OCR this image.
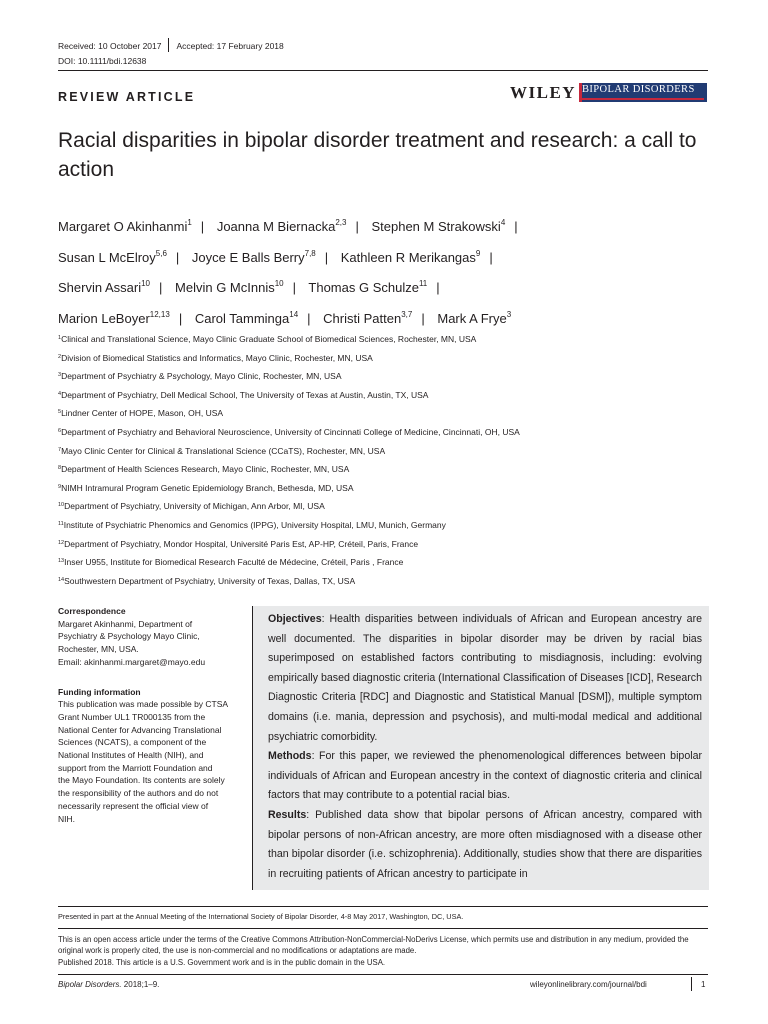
Received: 10 October 2017 Accepted: 17 February 2018
DOI: 10.1111/bdi.12638
REVIEW ARTICLE	WILEY BIPOLAR DISORDERS
Racial disparities in bipolar disorder treatment and research: a call to action
Margaret O Akinhanmi$^1$ | Joanna M Biernacka$^{2,3}$ | Stephen M Strakowski$^4$ |
Susan L McElroy$^{5,6}$ | Joyce E Balls Berry$^{7,8}$ | Kathleen R Merikangas$^9$ |
Shervin Assari$^{10}$ | Melvin G McInnis$^{10}$ | Thomas G Schulze$^{11}$ |
Marion LeBoyer$^{12,13}$ | Carol Tamminga$^{14}$ | Christi Patten$^{3,7}$ | Mark A Frye$^3$
$^1$Clinical and Translational Science, Mayo Clinic Graduate School of Biomedical Sciences, Rochester, MN, USA
$^2$Division of Biomedical Statistics and Informatics, Mayo Clinic, Rochester, MN, USA
$^3$Department of Psychiatry & Psychology, Mayo Clinic, Rochester, MN, USA
$^4$Department of Psychiatry, Dell Medical School, The University of Texas at Austin, Austin, TX, USA
$^5$Lindner Center of HOPE, Mason, OH, USA
$^6$Department of Psychiatry and Behavioral Neuroscience, University of Cincinnati College of Medicine, Cincinnati, OH, USA
$^7$Mayo Clinic Center for Clinical & Translational Science (CCaTS), Rochester, MN, USA
$^8$Department of Health Sciences Research, Mayo Clinic, Rochester, MN, USA
$^9$NIMH Intramural Program Genetic Epidemiology Branch, Bethesda, MD, USA
$^{10}$Department of Psychiatry, University of Michigan, Ann Arbor, MI, USA
$^{11}$Institute of Psychiatric Phenomics and Genomics (IPPG), University Hospital, LMU, Munich, Germany
$^{12}$Department of Psychiatry, Mondor Hospital, Université Paris Est, AP-HP, Créteil, Paris, France
$^{13}$Inser U955, Institute for Biomedical Research Faculté de Médecine, Créteil, Paris , France
$^{14}$Southwestern Department of Psychiatry, University of Texas, Dallas, TX, USA
Correspondence
Margaret Akinhanmi, Department of
Psychiatry & Psychology Mayo Clinic,
Rochester, MN, USA.
Email: akinhanmi.margaret@mayo.edu
Funding information
This publication was made possible by CTSA
Grant Number UL1 TR000135 from the
National Center for Advancing Translational
Sciences (NCATS), a component of the
National Institutes of Health (NIH), and
support from the Marriott Foundation and
the Mayo Foundation. Its contents are solely
the responsibility of the authors and do not
necessarily represent the official view of
NIH.
Objectives: Health disparities between individuals of African and European ancestry are well documented. The disparities in bipolar disorder may be driven by racial bias superimposed on established factors contributing to misdiagnosis, including: evolving empirically based diagnostic criteria (International Classification of Diseases [ICD], Research Diagnostic Criteria [RDC] and Diagnostic and Statistical Manual [DSM]), multiple symptom domains (i.e. mania, depression and psychosis), and multi-modal medical and additional psychiatric comorbidity.
Methods: For this paper, we reviewed the phenomenological differences between bipolar individuals of African and European ancestry in the context of diagnostic criteria and clinical factors that may contribute to a potential racial bias.
Results: Published data show that bipolar persons of African ancestry, compared with bipolar persons of non-African ancestry, are more often misdiagnosed with a disease other than bipolar disorder (i.e. schizophrenia). Additionally, studies show that there are disparities in recruiting patients of African ancestry to participate in
Presented in part at the Annual Meeting of the International Society of Bipolar Disorder, 4-8 May 2017, Washington, DC, USA.
This is an open access article under the terms of the Creative Commons Attribution-NonCommercial-NoDerivs License, which permits use and distribution in any medium, provided the original work is properly cited, the use is non-commercial and no modifications or adaptations are made.
Published 2018. This article is a U.S. Government work and is in the public domain in the USA.
Bipolar Disorders. 2018;1–9.	wileyonlinelibrary.com/journal/bdi	1
